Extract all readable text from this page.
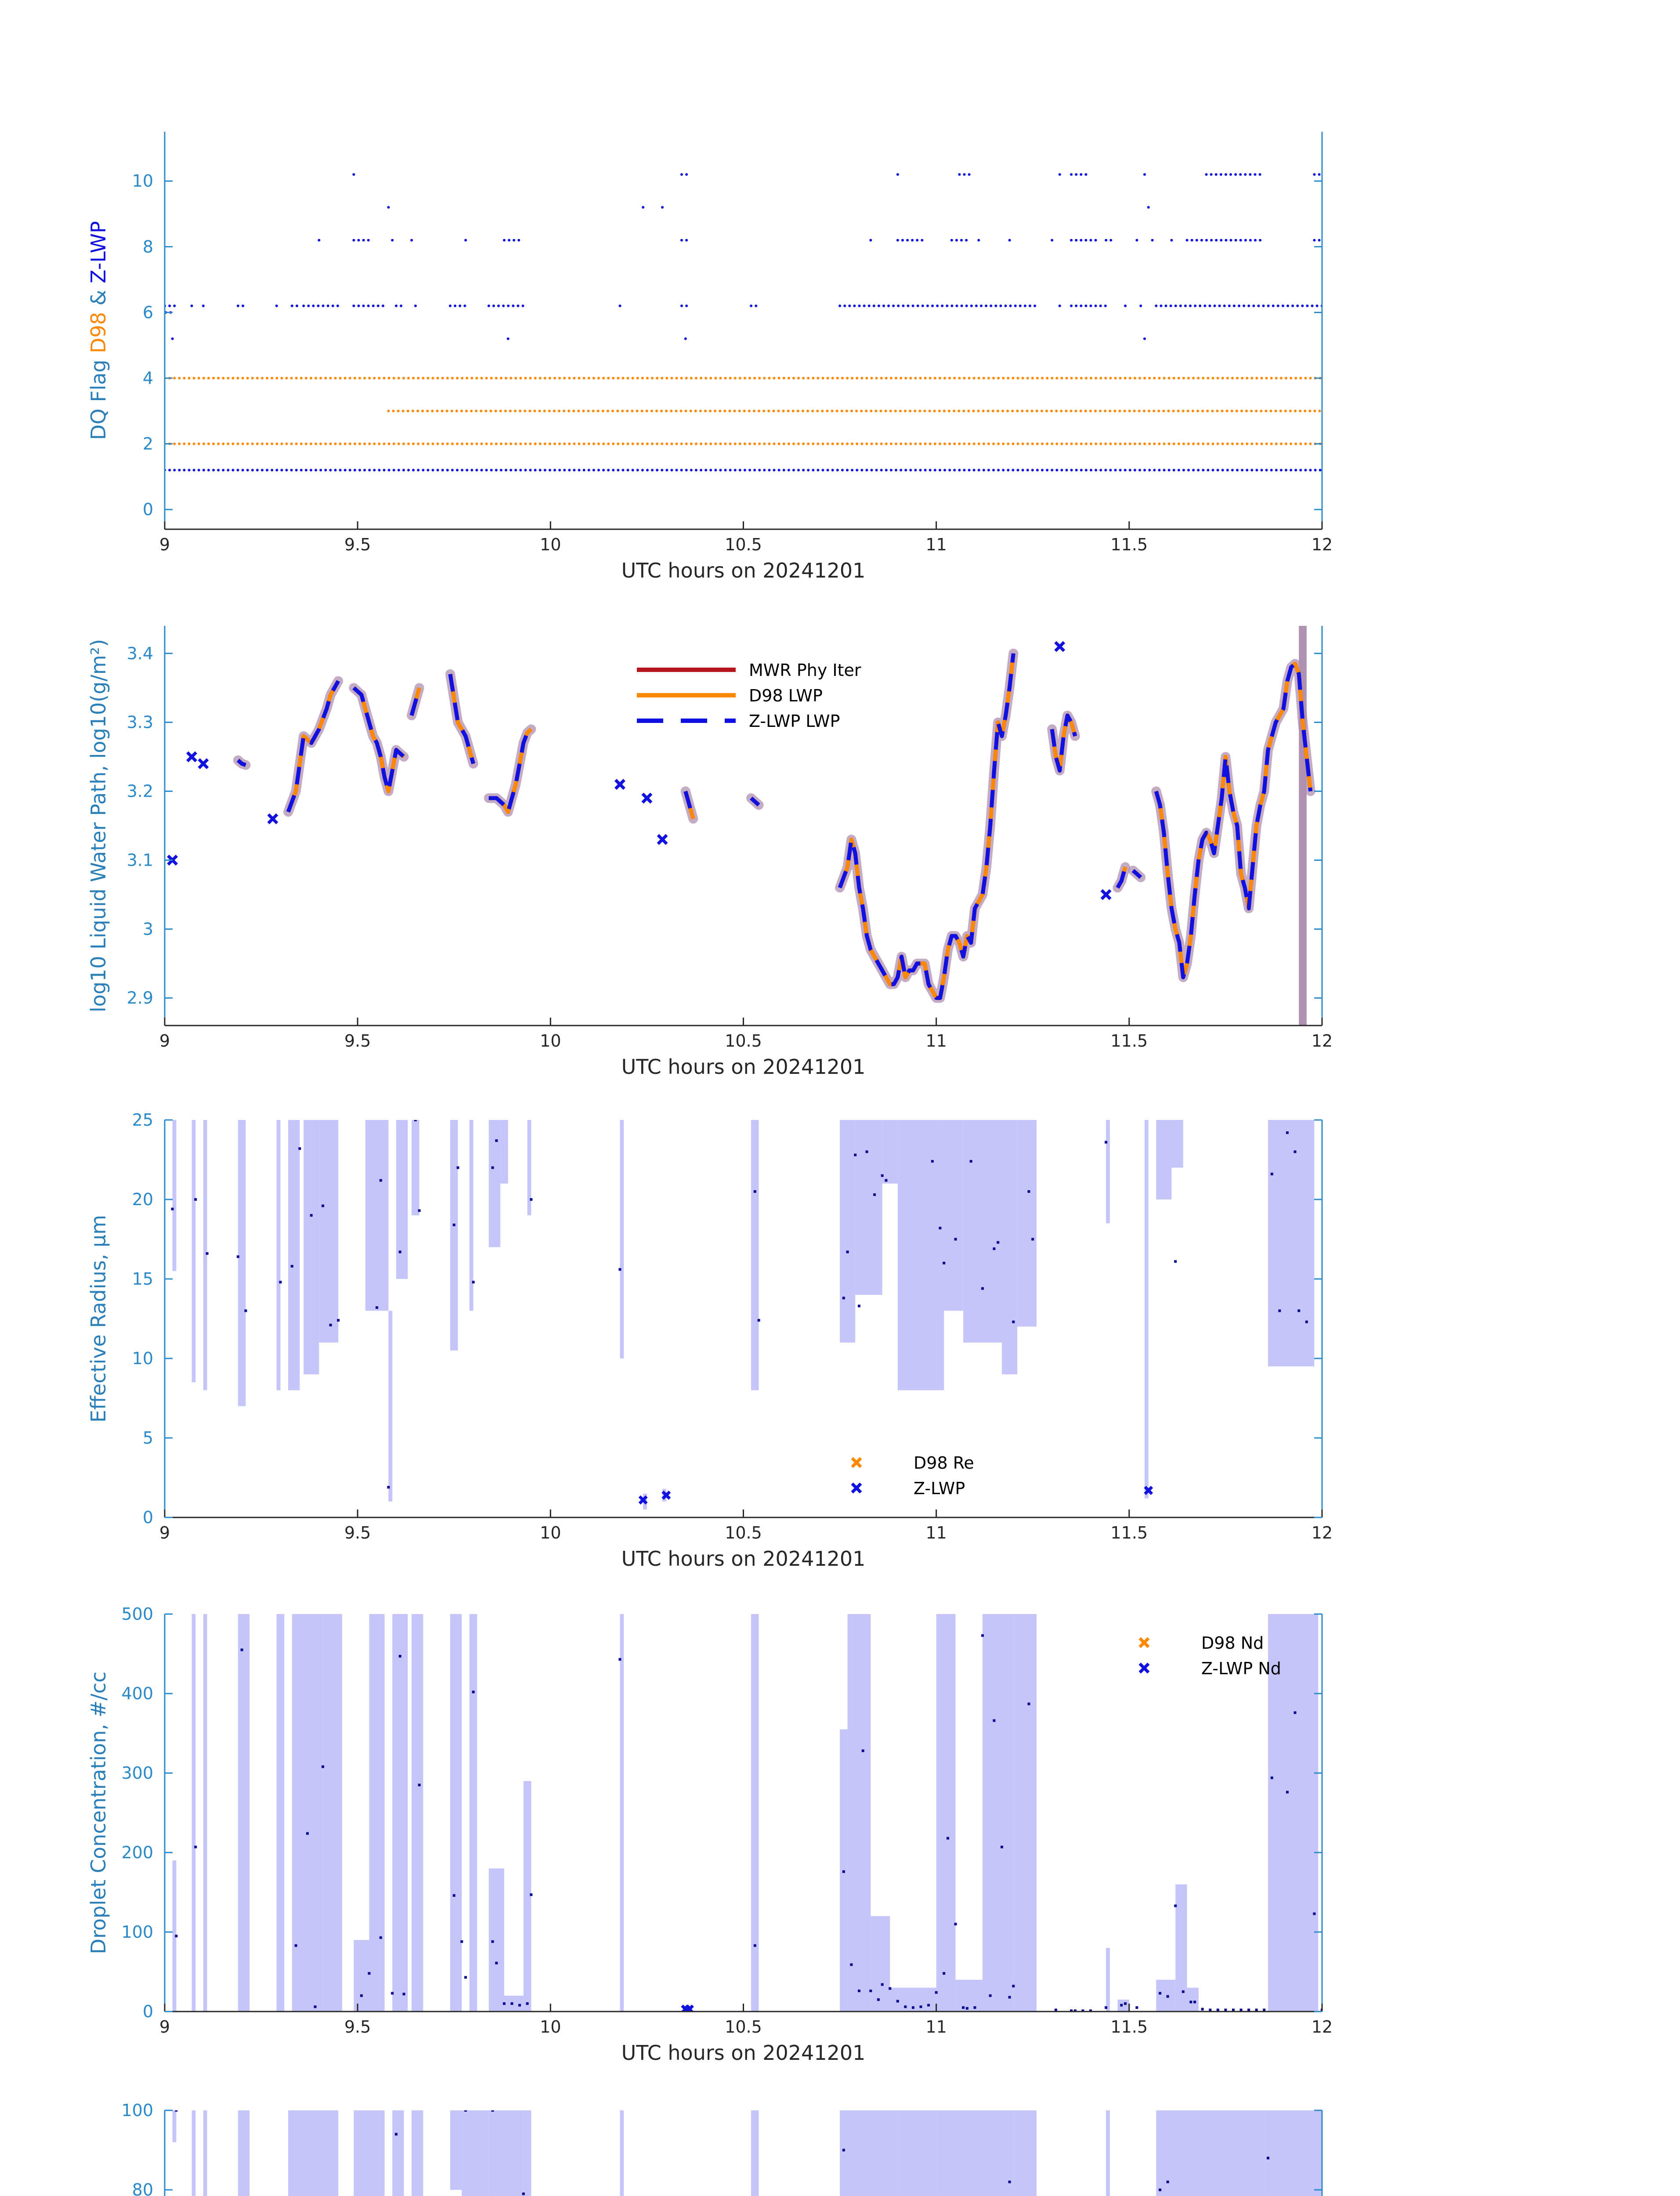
9	9.5	10	10.5	11	11.5	12
0
2
4
6
8
10
UTC hours on 20241201
DQ Flag D98 & Z-LWP
9	9.5	10	10.5	11	11.5	12
2.9
3
3.1
3.2
3.3
3.4
UTC hours on 20241201
log10 Liquid Water Path, log10(g/m²)	MWR Phy Iter
D98 LWP
Z-LWP LWP
9	9.5	10	10.5	11	11.5	12
0
5
10
15
20
25
UTC hours on 20241201
Effective Radius, μm
D98 Re
Z-LWP
9	9.5	10	10.5	11	11.5	12
0
100
200
300
400
500
UTC hours on 20241201
Droplet Concentration, #/cc
D98 Nd
Z-LWP Nd
80
100
